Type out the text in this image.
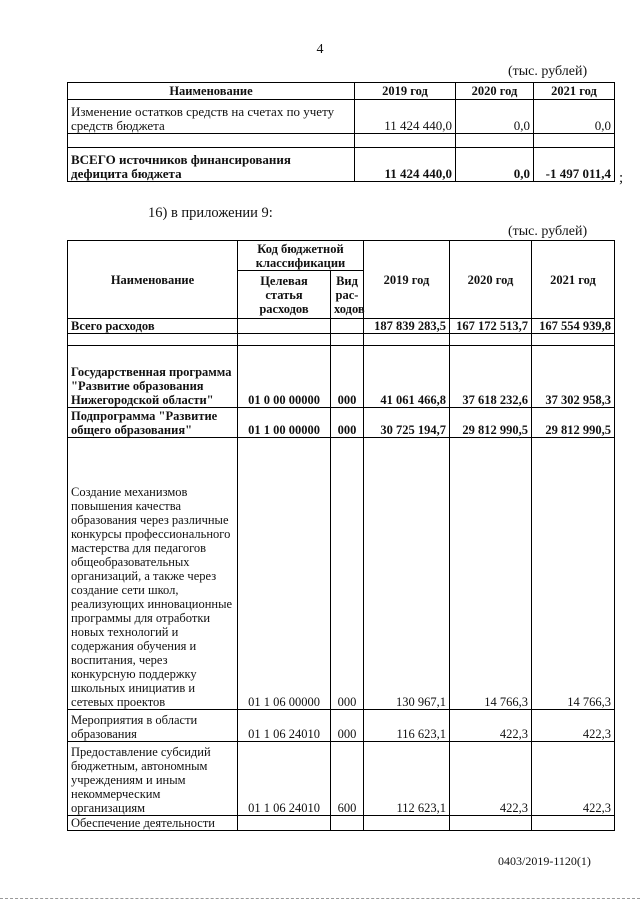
4
(тыс. рублей)
Наименование	2019 год	2020 год	2021 год
Изменение остатков средств на счетах по учету средств бюджета	11 424 440,0	0,0	0,0

ВСЕГО источников финансирования дефицита бюджета	11 424 440,0	0,0	-1 497 011,4 ;
16) в приложении 9:
(тыс. рублей)
Наименование	Код бюджетной классификации		2019 год	2020 год	2021 год
	Целевая статья расходов	Вид рас-ходов			
Всего расходов			187 839 283,5	167 172 513,7	167 554 939,8

Государственная программа "Развитие образования Нижегородской области"	01 0 00 00000	000	41 061 466,8	37 618 232,6	37 302 958,3
Подпрограмма "Развитие общего образования"	01 1 00 00000	000	30 725 194,7	29 812 990,5	29 812 990,5
Создание механизмов повышения качества образования через различные конкурсы профессионального мастерства для педагогов общеобразовательных организаций, а также через создание сети школ, реализующих инновационные программы для отработки новых технологий и содержания обучения и воспитания, через конкурсную поддержку школьных инициатив и сетевых проектов	01 1 06 00000	000	130 967,1	14 766,3	14 766,3
Мероприятия в области образования	01 1 06 24010	000	116 623,1	422,3	422,3
Предоставление субсидий бюджетным, автономным учреждениям и иным некоммерческим организациям	01 1 06 24010	600	112 623,1	422,3	422,3
Обеспечение деятельности					
0403/2019-1120(1)
